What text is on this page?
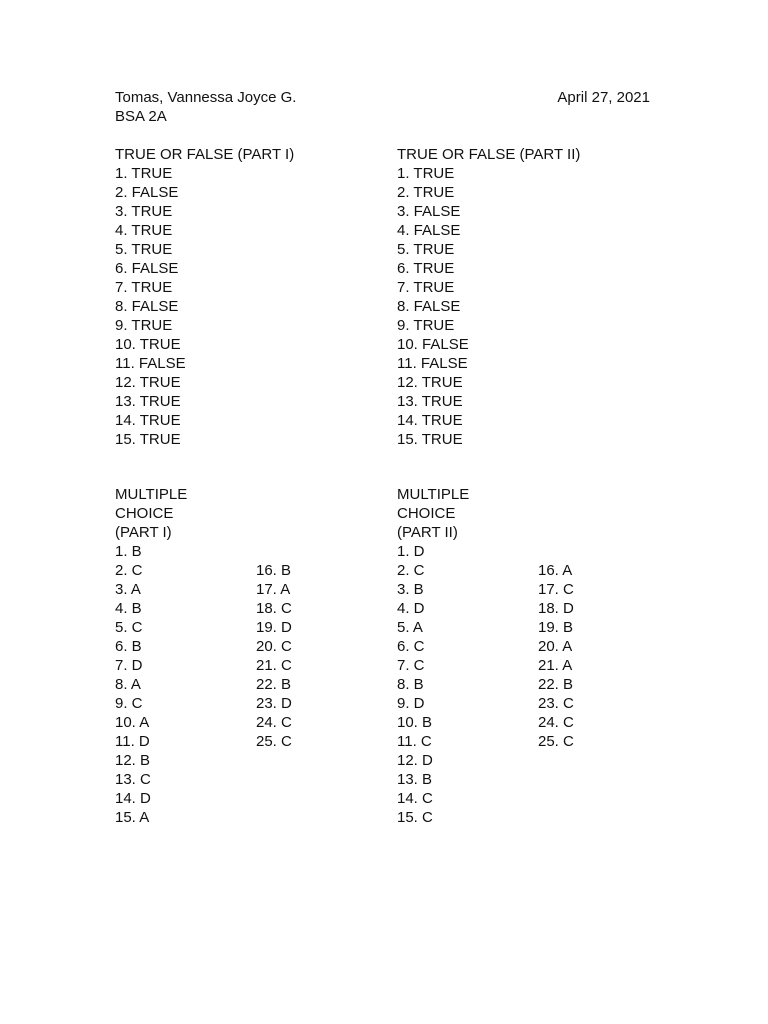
Tomas, Vannessa Joyce G.	April 27, 2021
BSA 2A
TRUE OR FALSE (PART I)
1. TRUE
2. FALSE
3. TRUE
4. TRUE
5. TRUE
6. FALSE
7. TRUE
8. FALSE
9. TRUE
10. TRUE
11. FALSE
12. TRUE
13. TRUE
14. TRUE
15. TRUE
TRUE OR FALSE (PART II)
1. TRUE
2. TRUE
3. FALSE
4. FALSE
5. TRUE
6. TRUE
7. TRUE
8. FALSE
9. TRUE
10. FALSE
11. FALSE
12. TRUE
13. TRUE
14. TRUE
15. TRUE
MULTIPLE
CHOICE
(PART I)
1. B
2. C
3. A
4. B
5. C
6. B
7. D
8. A
9. C
10. A
11. D
12. B
13. C
14. D
15. A
16. B
17. A
18. C
19. D
20. C
21. C
22. B
23. D
24. C
25. C
MULTIPLE
CHOICE
(PART II)
1. D
2. C
3. B
4. D
5. A
6. C
7. C
8. B
9. D
10. B
11. C
12. D
13. B
14. C
15. C
16. A
17. C
18. D
19. B
20. A
21. A
22. B
23. C
24. C
25. C
